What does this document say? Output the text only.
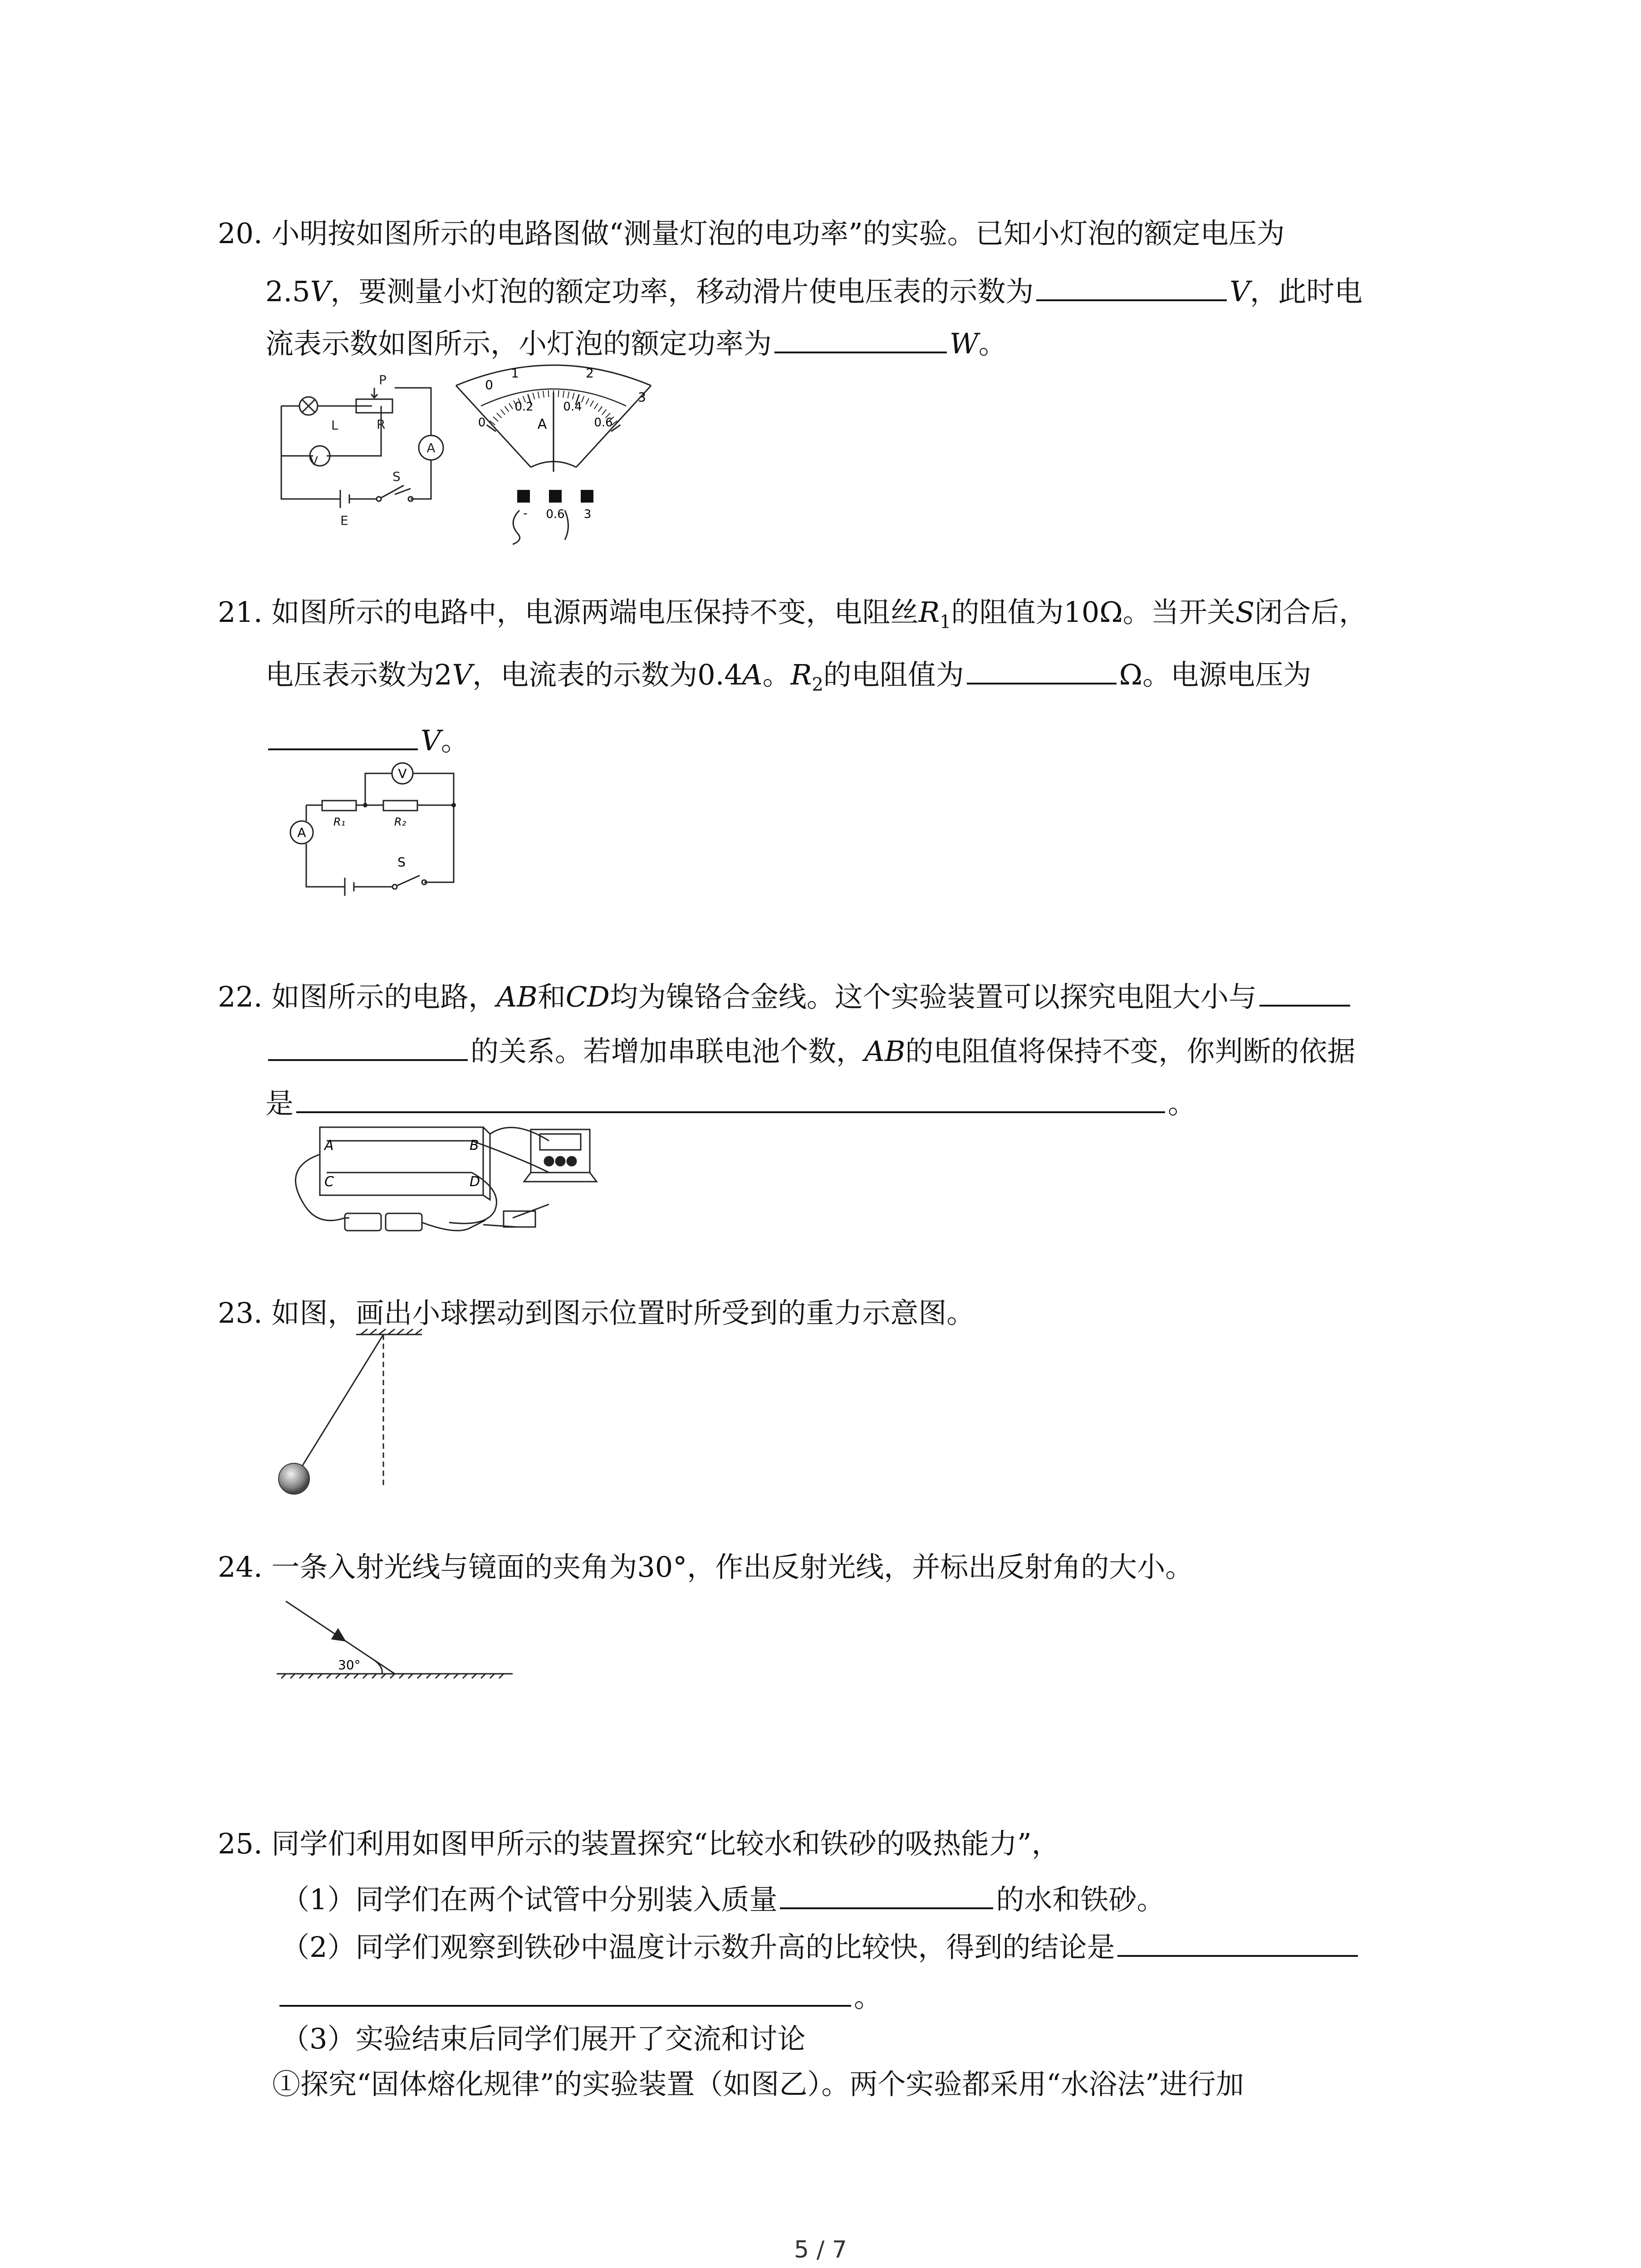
20. 小明按如图所示的电路图做“测量灯泡的电功率”的实验。已知小灯泡的额定电压为
2.5V，要测量小灯泡的额定功率，移动滑片使电压表的示数为	V，此时电
流表示数如图所示，小灯泡的额定功率为	W。
V
A
L
P
R
S
E
1	2
0
3
0
0.2	0.4
0.6
A
- 0.6 3
21. 如图所示的电路中，电源两端电压保持不变，电阻丝$R_1$的阻值为10Ω。当开关S闭合后，
电压表示数为2V，电流表的示数为0.4A。$R_2$的电阻值为	Ω。电源电压为
V。
V
A
R₁	R₂
S
22. 如图所示的电路，AB和CD均为镍铬合金线。这个实验装置可以探究电阻大小与
的关系。若增加串联电池个数，AB的电阻值将保持不变，你判断的依据
是	。
A	B
C	D
23. 如图，画出小球摆动到图示位置时所受到的重力示意图。
24. 一条入射光线与镜面的夹角为30°，作出反射光线，并标出反射角的大小。
30°
25. 同学们利用如图甲所示的装置探究“比较水和铁砂的吸热能力”，
（1）同学们在两个试管中分别装入质量	的水和铁砂。
（2）同学们观察到铁砂中温度计示数升高的比较快，得到的结论是
。
（3）实验结束后同学们展开了交流和讨论
①探究“固体熔化规律”的实验装置（如图乙）。两个实验都采用“水浴法”进行加
5 / 7
